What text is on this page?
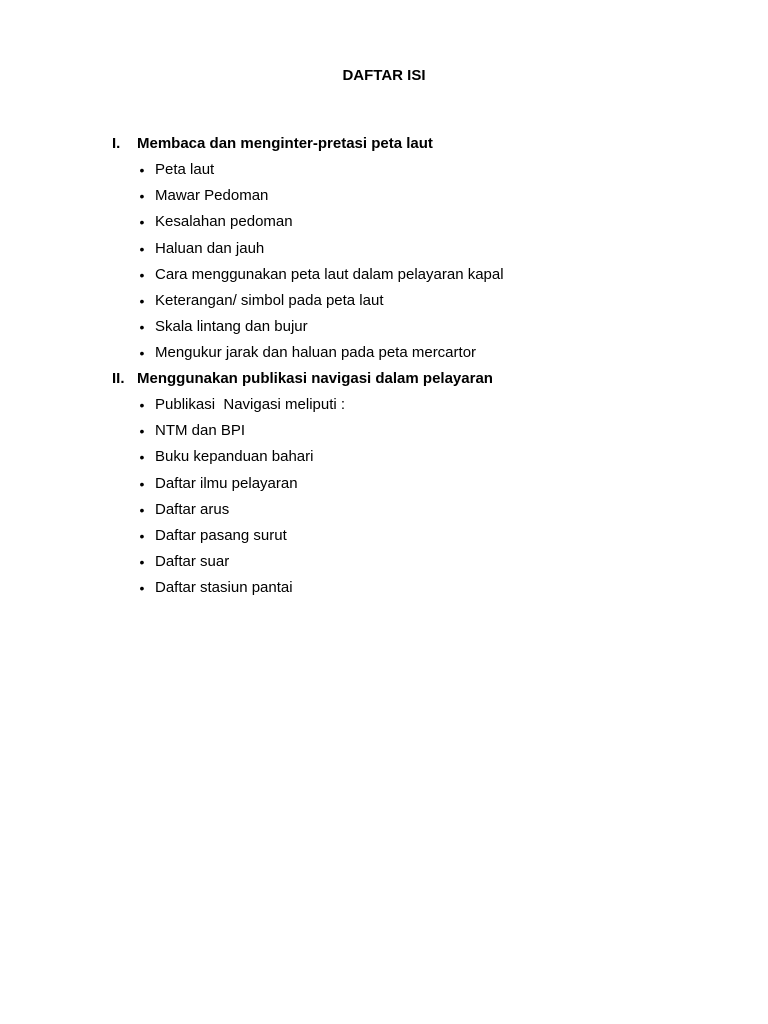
DAFTAR ISI
I. Membaca dan menginter-pretasi peta laut
• Peta laut
• Mawar Pedoman
• Kesalahan pedoman
• Haluan dan jauh
• Cara menggunakan peta laut dalam pelayaran kapal
• Keterangan/ simbol pada peta laut
• Skala lintang dan bujur
• Mengukur jarak dan haluan pada peta mercartor
II. Menggunakan publikasi navigasi dalam pelayaran
• Publikasi  Navigasi meliputi :
• NTM dan BPI
• Buku kepanduan bahari
• Daftar ilmu pelayaran
• Daftar arus
• Daftar pasang surut
• Daftar suar
• Daftar stasiun pantai
